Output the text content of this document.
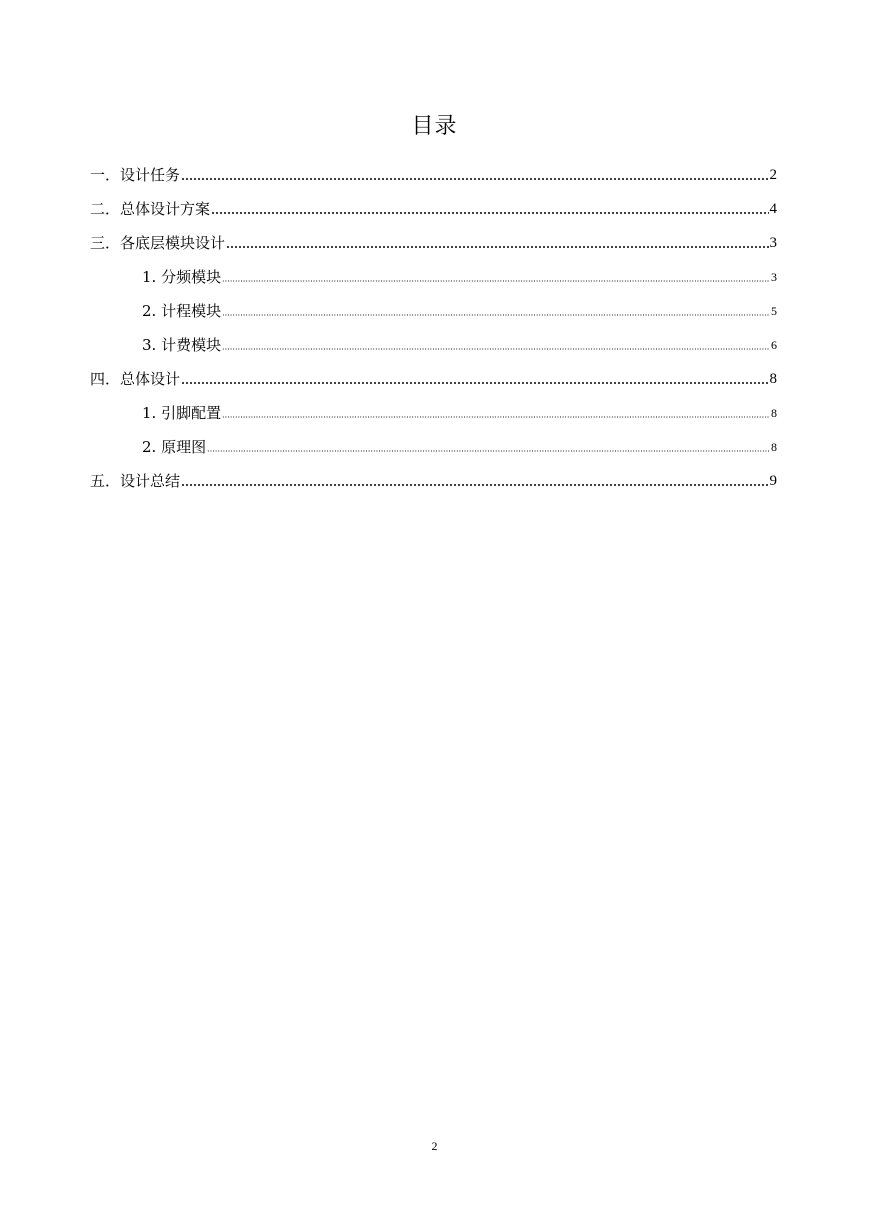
目录
一．设计任务	2
二．总体设计方案	4
三．各底层模块设计	3
1. 分频模块	3
2. 计程模块	5
3. 计费模块	6
四．总体设计	8
1. 引脚配置	8
2. 原理图	8
五．设计总结	9
2
